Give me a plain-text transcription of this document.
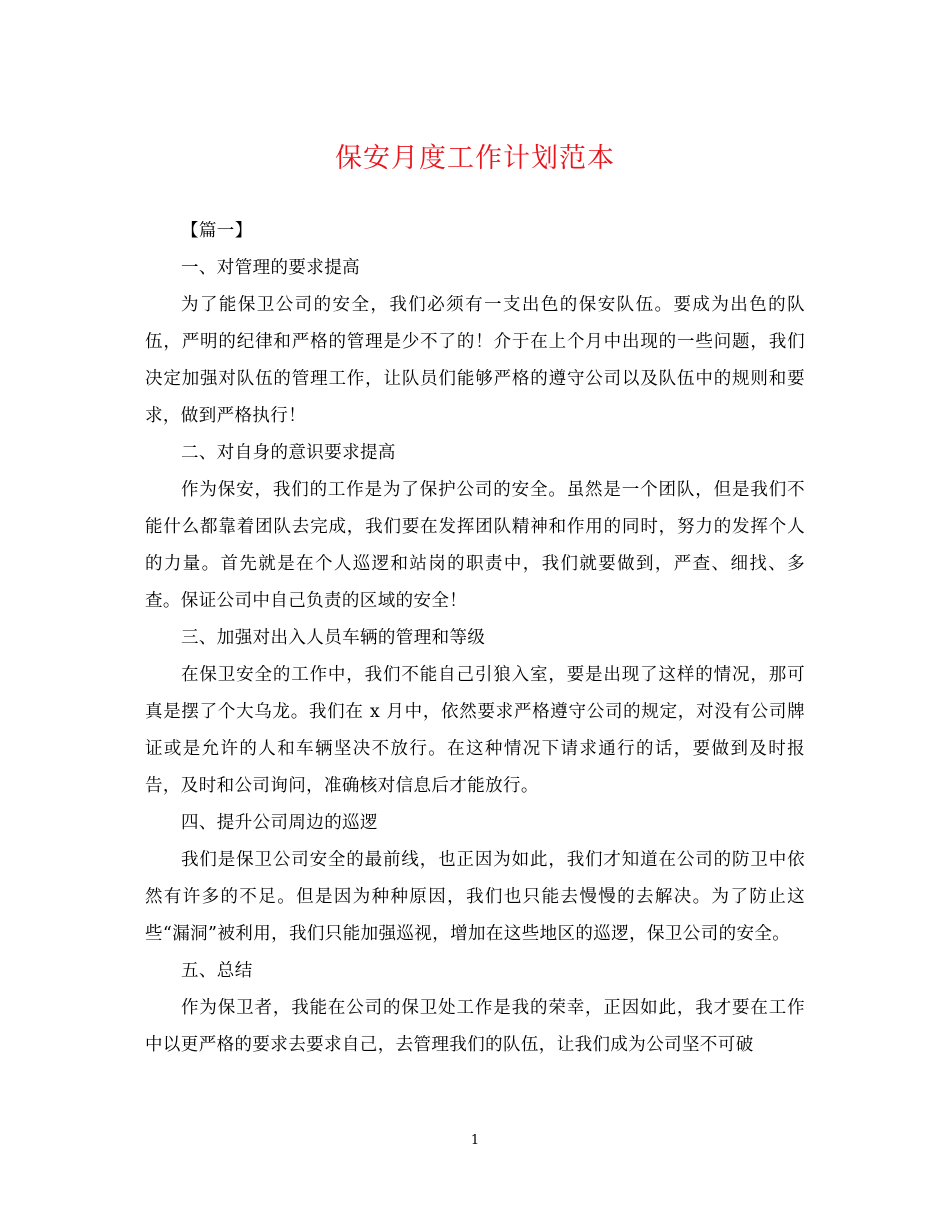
保安月度工作计划范本

【篇一】

一、对管理的要求提高

为了能保卫公司的安全，我们必须有一支出色的保安队伍。要成为出色的队伍，严明的纪律和严格的管理是少不了的！介于在上个月中出现的一些问题，我们决定加强对队伍的管理工作，让队员们能够严格的遵守公司以及队伍中的规则和要求，做到严格执行！

二、对自身的意识要求提高

作为保安，我们的工作是为了保护公司的安全。虽然是一个团队，但是我们不能什么都靠着团队去完成，我们要在发挥团队精神和作用的同时，努力的发挥个人的力量。首先就是在个人巡逻和站岗的职责中，我们就要做到，严查、细找、多查。保证公司中自己负责的区域的安全！

三、加强对出入人员车辆的管理和等级

在保卫安全的工作中，我们不能自己引狼入室，要是出现了这样的情况，那可真是摆了个大乌龙。我们在 x 月中，依然要求严格遵守公司的规定，对没有公司牌证或是允许的人和车辆坚决不放行。在这种情况下请求通行的话，要做到及时报告，及时和公司询问，准确核对信息后才能放行。

四、提升公司周边的巡逻

我们是保卫公司安全的最前线，也正因为如此，我们才知道在公司的防卫中依然有许多的不足。但是因为种种原因，我们也只能去慢慢的去解决。为了防止这些“漏洞”被利用，我们只能加强巡视，增加在这些地区的巡逻，保卫公司的安全。

五、总结

作为保卫者，我能在公司的保卫处工作是我的荣幸，正因如此，我才要在工作中以更严格的要求去要求自己，去管理我们的队伍，让我们成为公司坚不可破

1
